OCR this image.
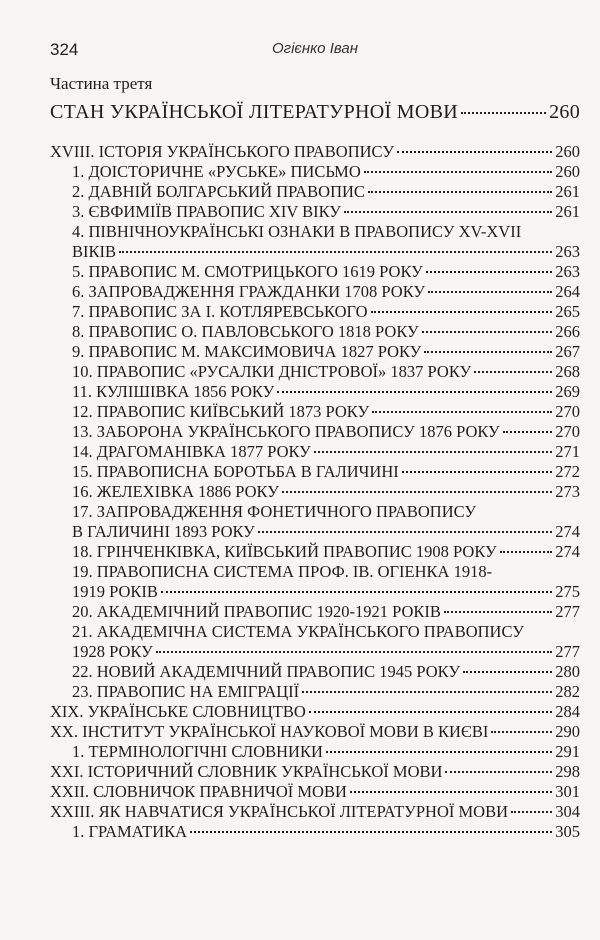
324	Огієнко Іван
Частина третя
СТАН УКРАЇНСЬКОЇ ЛІТЕРАТУРНОЇ МОВИ	260
XVIII. ІСТОРІЯ УКРАЇНСЬКОГО ПРАВОПИСУ	260
1. ДОІСТОРИЧНЕ «РУСЬКЕ» ПИСЬМО	260
2. ДАВНІЙ БОЛГАРСЬКИЙ ПРАВОПИС	261
3. ЄВФИМІЇВ ПРАВОПИС XIV ВІКУ	261
4. ПІВНІЧНОУКРАЇНСЬКІ ОЗНАКИ В ПРАВОПИСУ XV-XVII
ВІКІВ	263
5. ПРАВОПИС М. СМОТРИЦЬКОГО 1619 РОКУ	263
6. ЗАПРОВАДЖЕННЯ ГРАЖДАНКИ 1708 РОКУ	264
7. ПРАВОПИС ЗА І. КОТЛЯРЕВСЬКОГО	265
8. ПРАВОПИС О. ПАВЛОВСЬКОГО 1818 РОКУ	266
9. ПРАВОПИС М. МАКСИМОВИЧА 1827 РОКУ	267
10. ПРАВОПИС «РУСАЛКИ ДНІСТРОВОЇ» 1837 РОКУ	268
11. КУЛІШІВКА 1856 РОКУ	269
12. ПРАВОПИС КИЇВСЬКИЙ 1873 РОКУ	270
13. ЗАБОРОНА УКРАЇНСЬКОГО ПРАВОПИСУ 1876 РОКУ	270
14. ДРАГОМАНІВКА 1877 РОКУ	271
15. ПРАВОПИСНА БОРОТЬБА В ГАЛИЧИНІ	272
16. ЖЕЛЕХІВКА 1886 РОКУ	273
17. ЗАПРОВАДЖЕННЯ ФОНЕТИЧНОГО ПРАВОПИСУ
В ГАЛИЧИНІ 1893 РОКУ	274
18. ГРІНЧЕНКІВКА, КИЇВСЬКИЙ ПРАВОПИС 1908 РОКУ	274
19. ПРАВОПИСНА СИСТЕМА ПРОФ. ІВ. ОГІЕНКА 1918-
1919 РОКІВ	275
20. АКАДЕМІЧНИЙ ПРАВОПИС 1920-1921 РОКІВ	277
21. АКАДЕМІЧНА СИСТЕМА УКРАЇНСЬКОГО ПРАВОПИСУ
1928 РОКУ	277
22. НОВИЙ АКАДЕМІЧНИЙ ПРАВОПИС 1945 РОКУ	280
23. ПРАВОПИС НА ЕМІГРАЦІЇ	282
XIX. УКРАЇНСЬКЕ СЛОВНИЦТВО	284
XX. ІНСТИТУТ УКРАЇНСЬКОЇ НАУКОВОЇ МОВИ В КИЄВІ	290
1. ТЕРМІНОЛОГІЧНІ СЛОВНИКИ	291
XXI. ІСТОРИЧНИЙ СЛОВНИК УКРАЇНСЬКОЇ МОВИ	298
XXII. СЛОВНИЧОК ПРАВНИЧОЇ МОВИ	301
XXIII. ЯК НАВЧАТИСЯ УКРАЇНСЬКОЇ ЛІТЕРАТУРНОЇ МОВИ	304
1. ГРАМАТИКА	305
